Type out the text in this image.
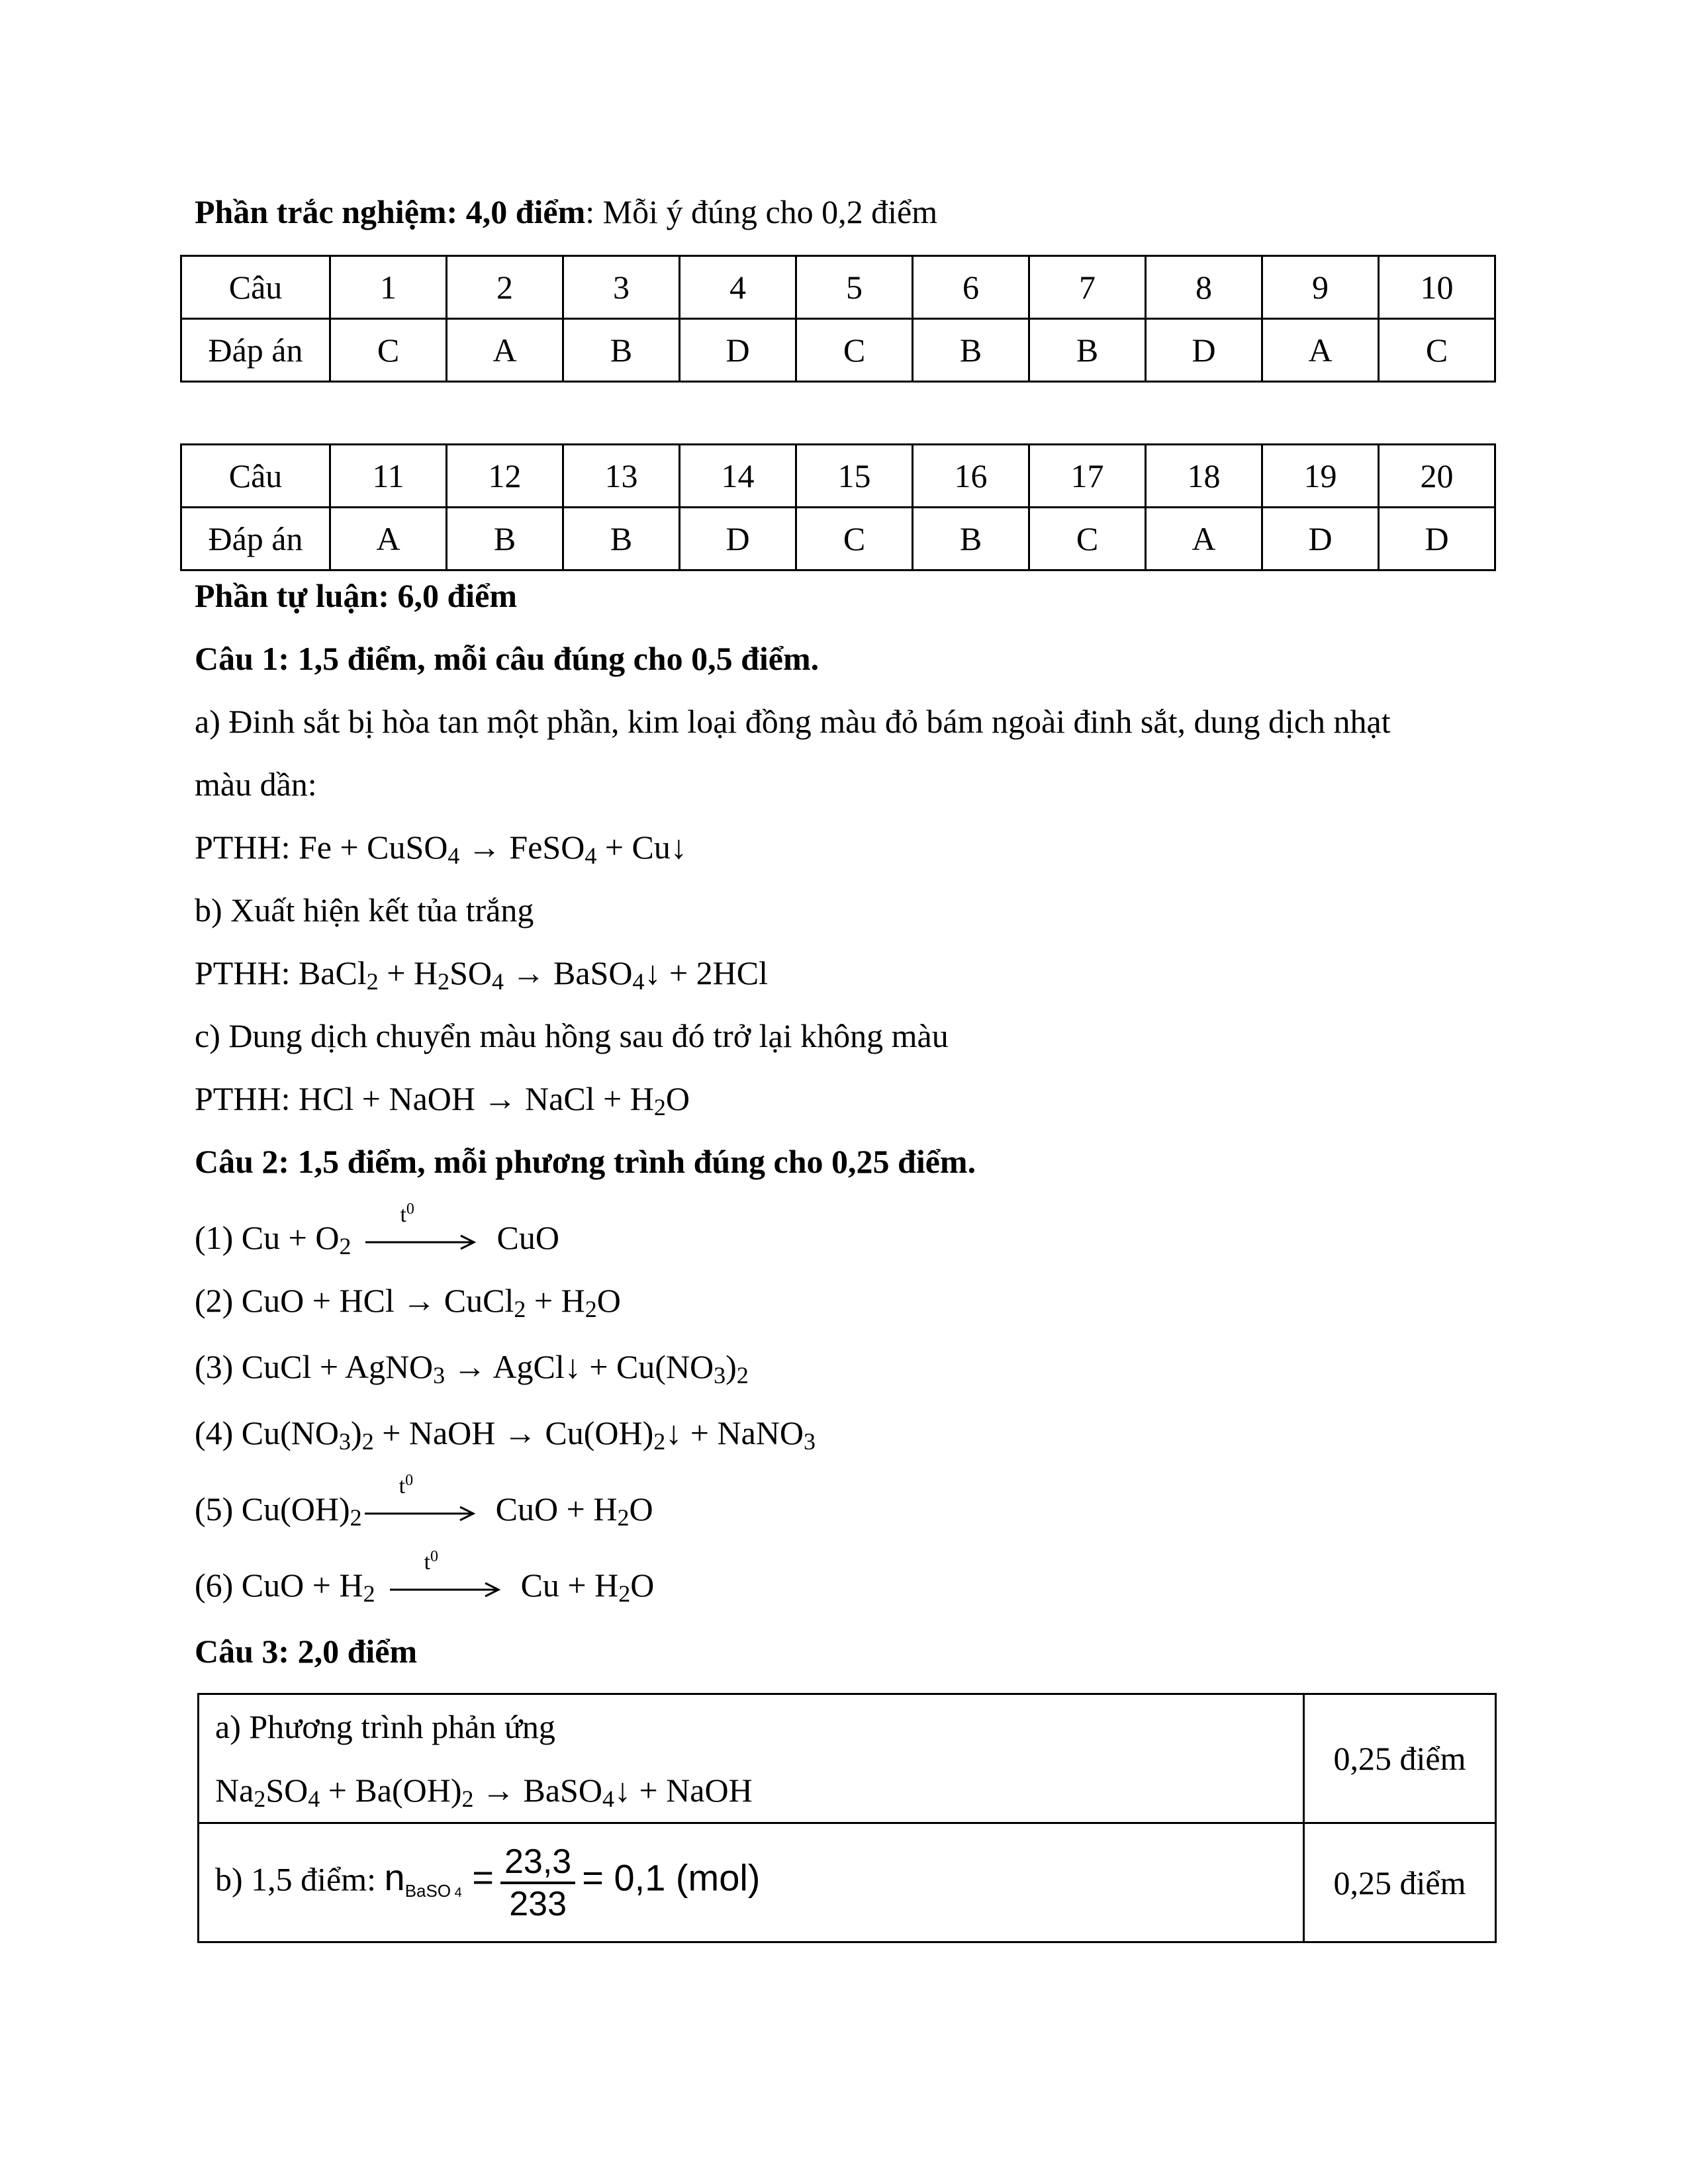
Phần trắc nghiệm: 4,0 điểm: Mỗi ý đúng cho 0,2 điểm
Câu	1	2	3	4	5	6	7	8	9	10
Đáp án	C	A	B	D	C	B	B	D	A	C
Câu	11	12	13	14	15	16	17	18	19	20
Đáp án	A	B	B	D	C	B	C	A	D	D
Phần tự luận: 6,0 điểm
Câu 1: 1,5 điểm, mỗi câu đúng cho 0,5 điểm.
a) Đinh sắt bị hòa tan một phần, kim loại đồng màu đỏ bám ngoài đinh sắt, dung dịch nhạt
màu dần:
PTHH: Fe + CuSO$_4$ → FeSO$_4$ + Cu↓
b) Xuất hiện kết tủa trắng
PTHH: BaCl$_2$ + $H_2SO_4$ → BaSO$_4$↓ + 2HCl
c) Dung dịch chuyển màu hồng sau đó trở lại không màu
PTHH: HCl + NaOH → NaCl + $H_2O$
Câu 2: 1,5 điểm, mỗi phương trình đúng cho 0,25 điểm.
(1) $Cu + O_2$
$t^0$
CuO
(2) CuO + HCl → CuCl$_2$ + $H_2O$
(3) CuCl + AgNO$_3$ → AgCl↓ + $Cu(NO_3)_2$
(4) $Cu(NO_3)_2$ + NaOH → $Cu(OH)_2↓$ + NaNO$_3$
(5) $Cu(OH)_2$
$t^0$
CuO + $H_2O$
(6) CuO + $H_2$
$t^0$
$Cu + H_2O$
Câu 3: 2,0 điểm
a) Phương trình phản ứng
$Na_2SO_4 + Ba(OH)_2$ → BaSO$_4$↓ + NaOH	0,25 điểm
b) 1,5 điểm: nBaSO $4 = \frac{23,3}{233} = 0,1$ (mol)	0,25 điểm
